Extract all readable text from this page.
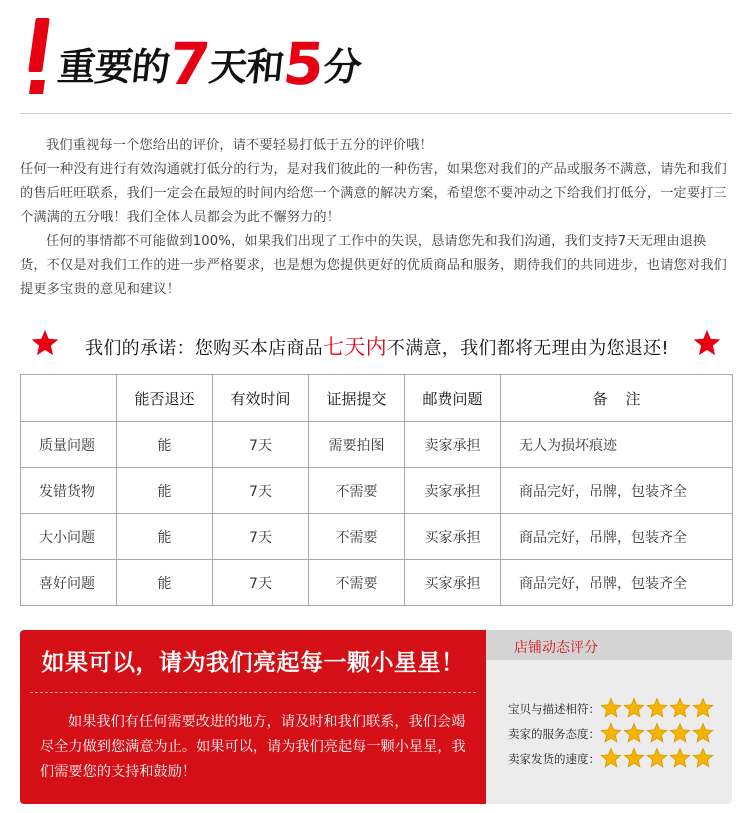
重要的7天和5分

我们重视每一个您给出的评价，请不要轻易打低于五分的评价哦！

任何一种没有进行有效沟通就打低分的行为，是对我们彼此的一种伤害，如果您对我们的产品或服务不满意，请先和我们的售后旺旺联系，我们一定会在最短的时间内给您一个满意的解决方案，希望您不要冲动之下给我们打低分，一定要打三个满满的五分哦！我们全体人员都会为此不懈努力的！

任何的事情都不可能做到100%，如果我们出现了工作中的失误，恳请您先和我们沟通，我们支持7天无理由退换货，不仅是对我们工作的进一步严格要求，也是想为您提供更好的优质商品和服务，期待我们的共同进步，也请您对我们提更多宝贵的意见和建议！

我们的承诺：您购买本店商品七天内不满意，我们都将无理由为您退还!
	能否退还	有效时间	证据提交	邮费问题	备注
质量问题	能	7天	需要拍图	卖家承担	无人为损坏痕迹
发错货物	能	7天	不需要	卖家承担	商品完好，吊牌，包装齐全
大小问题	能	7天	不需要	买家承担	商品完好，吊牌，包装齐全
喜好问题	能	7天	不需要	买家承担	商品完好，吊牌，包装齐全
如果可以，请为我们亮起每一颗小星星！
如果我们有任何需要改进的地方，请及时和我们联系，我们会竭尽全力做到您满意为止。如果可以，请为我们亮起每一颗小星星，我们需要您的支持和鼓励！
店铺动态评分
宝贝与描述相符：
卖家的服务态度：
卖家发货的速度：
